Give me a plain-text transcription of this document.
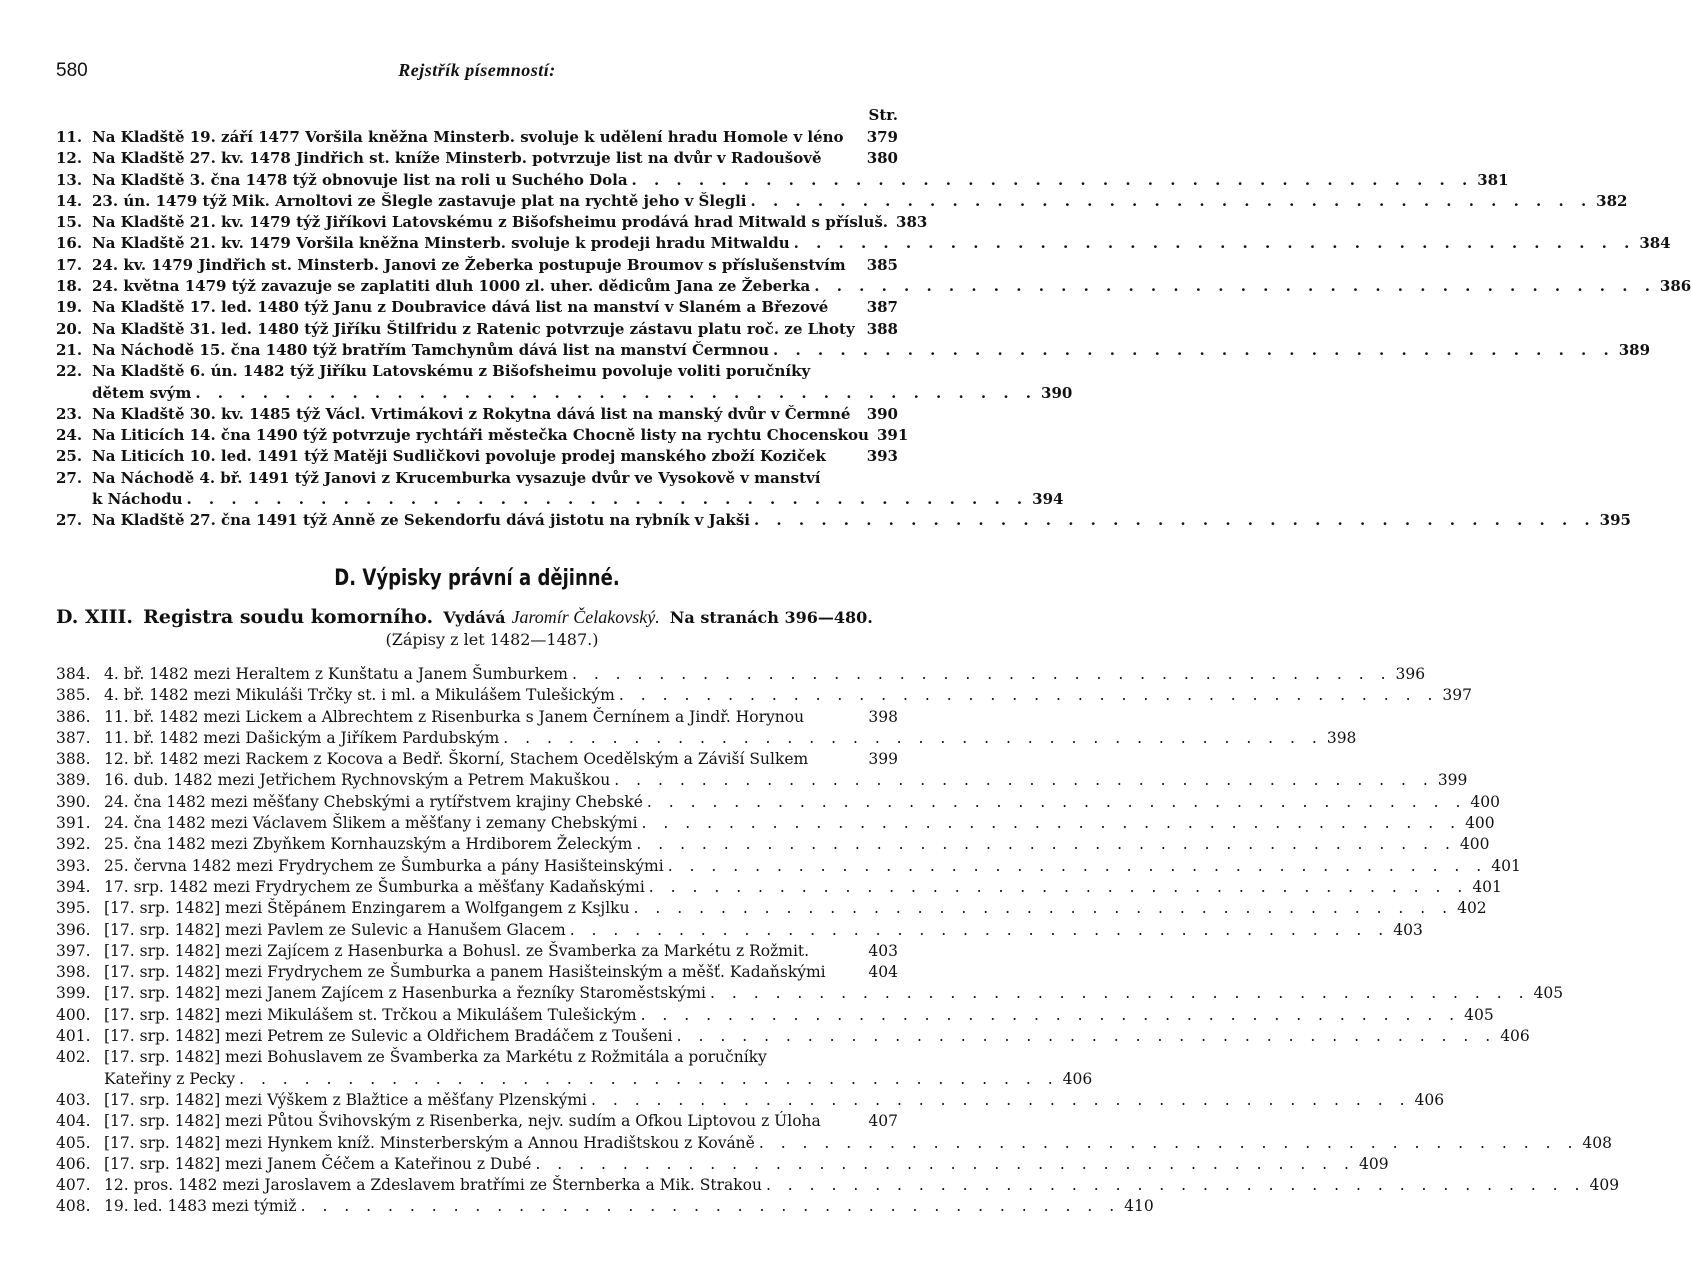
580	Rejstřík písemností:
Str.
11. Na Kladště 19. září 1477 Voršila kněžna Minsterb. svoluje k udělení hradu Homole v léno 379
12. Na Kladště 27. kv. 1478 Jindřich st. kníže Minsterb. potvrzuje list na dvůr v Radoušově	380
13. Na Kladště 3. čna 1478 týž obnovuje list na roli u Suchého Dola . . . . . . . . . . . . . . . . . . . . . . . . . . . . . . . . . . . . . . 381
14. 23. ún. 1479 týž Mik. Arnoltovi ze Šlegle zastavuje plat na rychtě jeho v Šlegli . . . . . . . . . . . . . . . . . . . . . . . . . . . . . . . . . . . . . . 382
15. Na Kladště 21. kv. 1479 týž Jiříkovi Latovskému z Bišofsheimu prodává hrad Mitwald s přísluš. 383
16. Na Kladště 21. kv. 1479 Voršila kněžna Minsterb. svoluje k prodeji hradu Mitwaldu . . . . . . . . . . . . . . . . . . . . . . . . . . . . . . . . . . . . . . 384
17. 24. kv. 1479 Jindřich st. Minsterb. Janovi ze Žeberka postupuje Broumov s příslušenstvím 385
18. 24. května 1479 týž zavazuje se zaplatiti dluh 1000 zl. uher. dědicům Jana ze Žeberka . . . . . . . . . . . . . . . . . . . . . . . . . . . . . . . . . . . . . . 386
19. Na Kladště 17. led. 1480 týž Janu z Doubravice dává list na manství v Slaném a Březové	387
20. Na Kladště 31. led. 1480 týž Jiříku Štilfridu z Ratenic potvrzuje zástavu platu roč. ze Lhoty 388
21. Na Náchodě 15. čna 1480 týž bratřím Tamchynům dává list na manství Čermnou . . . . . . . . . . . . . . . . . . . . . . . . . . . . . . . . . . . . . . 389
22. Na Kladště 6. ún. 1482 týž Jiříku Latovskému z Bišofsheimu povoluje voliti poručníky
dětem svým . . . . . . . . . . . . . . . . . . . . . . . . . . . . . . . . . . . . . . 390
23. Na Kladště 30. kv. 1485 týž Václ. Vrtimákovi z Rokytna dává list na manský dvůr v Čermné 390
24. Na Liticích 14. čna 1490 týž potvrzuje rychtáři městečka Chocně listy na rychtu Chocenskou 391
25. Na Liticích 10. led. 1491 týž Matěji Sudličkovi povoluje prodej manského zboží Koziček	393
27. Na Náchodě 4. bř. 1491 týž Janovi z Krucemburka vysazuje dvůr ve Vysokově v manství
k Náchodu . . . . . . . . . . . . . . . . . . . . . . . . . . . . . . . . . . . . . . 394
27. Na Kladště 27. čna 1491 týž Anně ze Sekendorfu dává jistotu na rybník v Jakši . . . . . . . . . . . . . . . . . . . . . . . . . . . . . . . . . . . . . . 395
D. Výpisky právní a dějinné.
D. XIII. Registra soudu komorního. Vydává Jaromír Čelakovský. Na stranách 396—480.
(Zápisy z let 1482—1487.)
384. 4. bř. 1482 mezi Heraltem z Kunštatu a Janem Šumburkem . . . . . . . . . . . . . . . . . . . . . . . . . . . . . . . . . . . . . . 396
385. 4. bř. 1482 mezi Mikuláši Trčky st. i ml. a Mikulášem Tulešickým . . . . . . . . . . . . . . . . . . . . . . . . . . . . . . . . . . . . . . 397
386. 11. bř. 1482 mezi Lickem a Albrechtem z Risenburka s Janem Černínem a Jindř. Horynou	398
387. 11. bř. 1482 mezi Dašickým a Jiříkem Pardubským . . . . . . . . . . . . . . . . . . . . . . . . . . . . . . . . . . . . . . 398
388. 12. bř. 1482 mezi Rackem z Kocova a Bedř. Škorní, Stachem Ocedělským a Záviší Sulkem	399
389. 16. dub. 1482 mezi Jetřichem Rychnovským a Petrem Makuškou . . . . . . . . . . . . . . . . . . . . . . . . . . . . . . . . . . . . . . 399
390. 24. čna 1482 mezi měšťany Chebskými a rytířstvem krajiny Chebské . . . . . . . . . . . . . . . . . . . . . . . . . . . . . . . . . . . . . . 400
391. 24. čna 1482 mezi Václavem Šlikem a měšťany i zemany Chebskými . . . . . . . . . . . . . . . . . . . . . . . . . . . . . . . . . . . . . . 400
392. 25. čna 1482 mezi Zbyňkem Kornhauzským a Hrdiborem Želeckým . . . . . . . . . . . . . . . . . . . . . . . . . . . . . . . . . . . . . . 400
393. 25. června 1482 mezi Frydrychem ze Šumburka a pány Hasišteinskými . . . . . . . . . . . . . . . . . . . . . . . . . . . . . . . . . . . . . . 401
394. 17. srp. 1482 mezi Frydrychem ze Šumburka a měšťany Kadaňskými . . . . . . . . . . . . . . . . . . . . . . . . . . . . . . . . . . . . . . 401
395. [17. srp. 1482] mezi Štěpánem Enzingarem a Wolfgangem z Ksjlku . . . . . . . . . . . . . . . . . . . . . . . . . . . . . . . . . . . . . . 402
396. [17. srp. 1482] mezi Pavlem ze Sulevic a Hanušem Glacem . . . . . . . . . . . . . . . . . . . . . . . . . . . . . . . . . . . . . . 403
397. [17. srp. 1482] mezi Zajícem z Hasenburka a Bohusl. ze Švamberka za Markétu z Rožmit.	403
398. [17. srp. 1482] mezi Frydrychem ze Šumburka a panem Hasišteinským a měšť. Kadaňskými	404
399. [17. srp. 1482] mezi Janem Zajícem z Hasenburka a řezníky Staroměstskými . . . . . . . . . . . . . . . . . . . . . . . . . . . . . . . . . . . . . . 405
400. [17. srp. 1482] mezi Mikulášem st. Trčkou a Mikulášem Tulešickým . . . . . . . . . . . . . . . . . . . . . . . . . . . . . . . . . . . . . . 405
401. [17. srp. 1482] mezi Petrem ze Sulevic a Oldřichem Bradáčem z Toušeni . . . . . . . . . . . . . . . . . . . . . . . . . . . . . . . . . . . . . . 406
402. [17. srp. 1482] mezi Bohuslavem ze Švamberka za Markétu z Rožmitála a poručníky
Kateřiny z Pecky . . . . . . . . . . . . . . . . . . . . . . . . . . . . . . . . . . . . . . 406
403. [17. srp. 1482] mezi Výškem z Blažtice a měšťany Plzenskými . . . . . . . . . . . . . . . . . . . . . . . . . . . . . . . . . . . . . . 406
404. [17. srp. 1482] mezi Půtou Švihovským z Risenberka, nejv. sudím a Ofkou Liptovou z Úloha	407
405. [17. srp. 1482] mezi Hynkem kníž. Minsterberským a Annou Hradištskou z Kováně . . . . . . . . . . . . . . . . . . . . . . . . . . . . . . . . . . . . . . 408
406. [17. srp. 1482] mezi Janem Čéčem a Kateřinou z Dubé . . . . . . . . . . . . . . . . . . . . . . . . . . . . . . . . . . . . . . 409
407. 12. pros. 1482 mezi Jaroslavem a Zdeslavem bratřími ze Šternberka a Mik. Strakou . . . . . . . . . . . . . . . . . . . . . . . . . . . . . . . . . . . . . . 409
408. 19. led. 1483 mezi týmiž . . . . . . . . . . . . . . . . . . . . . . . . . . . . . . . . . . . . . . 410
